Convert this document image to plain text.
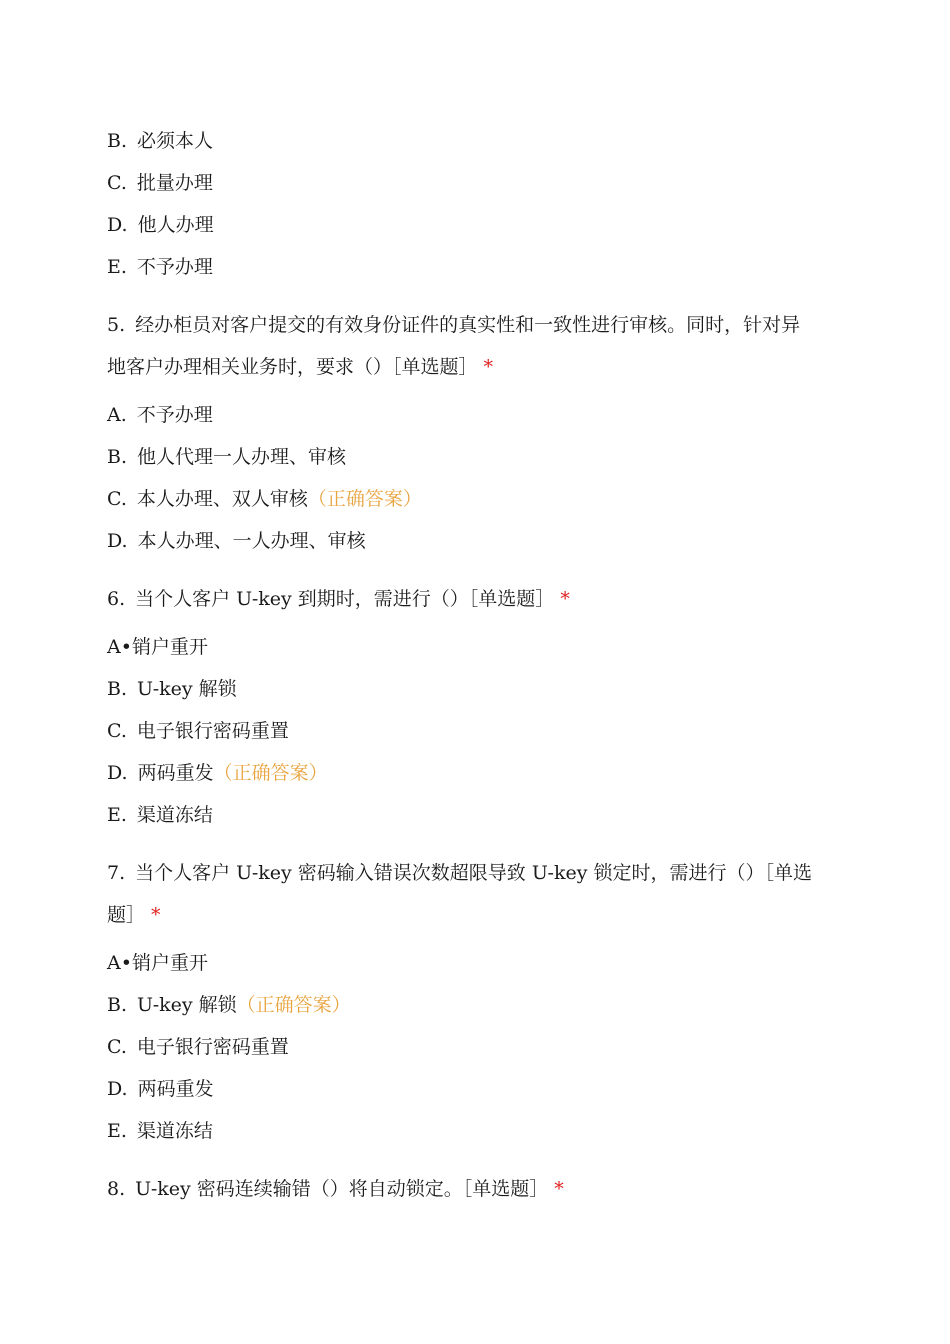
B. 必须本人
C. 批量办理
D. 他人办理
E. 不予办理
5. 经办柜员对客户提交的有效身份证件的真实性和一致性进行审核。同时，针对异
地客户办理相关业务时，要求（）［单选题］ *
A. 不予办理
B. 他人代理一人办理、审核
C. 本人办理、双人审核（正确答案）
D. 本人办理、一人办理、审核
6. 当个人客户 U-key 到期时，需进行（）［单选题］ *
A•销户重开
B. U-key 解锁
C. 电子银行密码重置
D. 两码重发（正确答案）
E. 渠道冻结
7. 当个人客户 U-key 密码输入错误次数超限导致 U-key 锁定时，需进行（）［单选
题］ *
A•销户重开
B. U-key 解锁（正确答案）
C. 电子银行密码重置
D. 两码重发
E. 渠道冻结
8. U-key 密码连续输错（）将自动锁定。［单选题］ *
